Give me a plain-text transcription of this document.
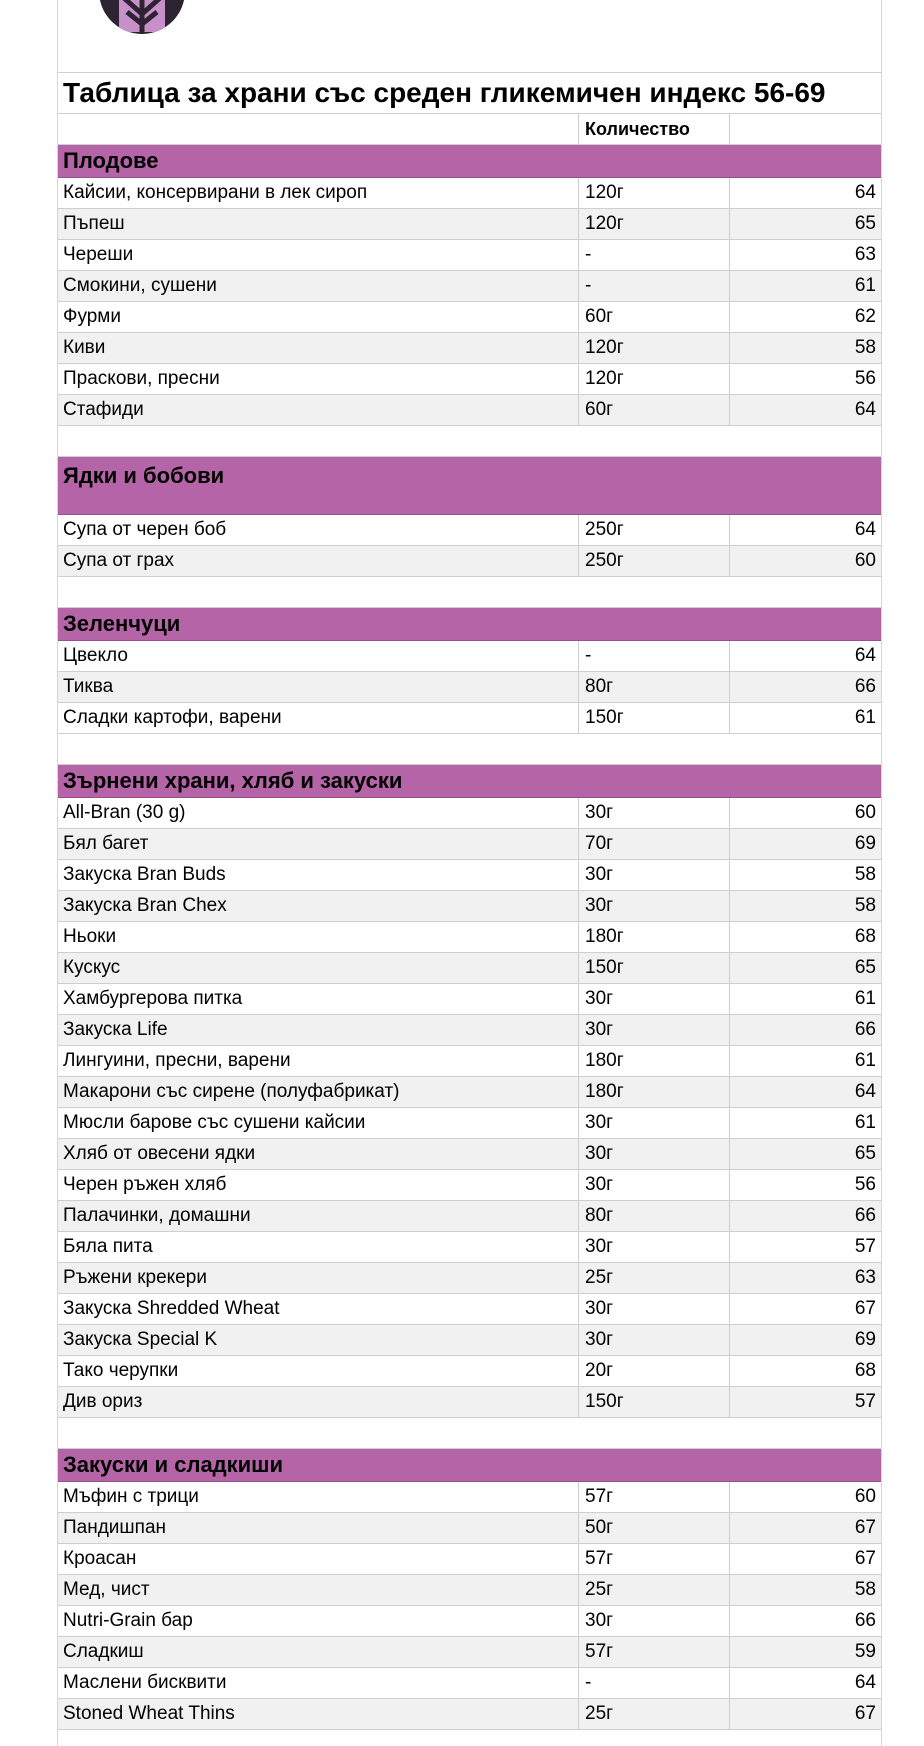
Таблица за храни със среден гликемичен индекс 56-69
Количество
Плодове
Кайсии, консервирани в лек сироп	120г	64
Пъпеш	120г	65
Череши	-	63
Смокини, сушени	-	61
Фурми	60г	62
Киви	120г	58
Праскови, пресни	120г	56
Стафиди	60г	64
Ядки и бобови
Супа от черен боб	250г	64
Супа от грах	250г	60
Зеленчуци
Цвекло	-	64
Тиква	80г	66
Сладки картофи, варени	150г	61
Зърнени храни, хляб и закуски
All-Bran (30 g)	30г	60
Бял багет	70г	69
Закуска Bran Buds	30г	58
Закуска Bran Chex	30г	58
Ньоки	180г	68
Кускус	150г	65
Хамбургерова питка	30г	61
Закуска Life	30г	66
Лингуини, пресни, варени	180г	61
Макарони със сирене (полуфабрикат)	180г	64
Мюсли барове със сушени кайсии	30г	61
Хляб от овесени ядки	30г	65
Черен ръжен хляб	30г	56
Палачинки, домашни	80г	66
Бяла пита	30г	57
Ръжени крекери	25г	63
Закуска Shredded Wheat	30г	67
Закуска Special K	30г	69
Тако черупки	20г	68
Див ориз	150г	57
Закуски и сладкиши
Мъфин с трици	57г	60
Пандишпан	50г	67
Кроасан	57г	67
Мед, чист	25г	58
Nutri-Grain бар	30г	66
Сладкиш	57г	59
Маслени бисквити	-	64
Stoned Wheat Thins	25г	67
